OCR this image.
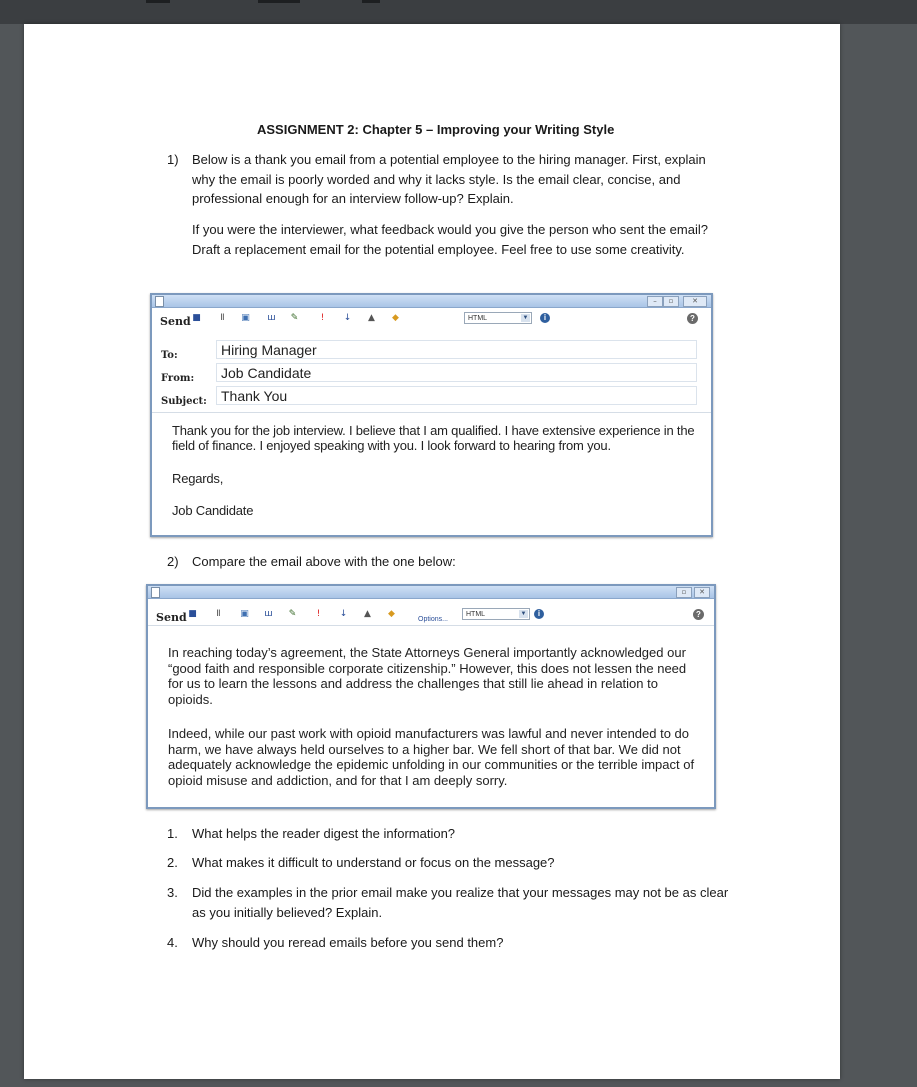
ASSIGNMENT 2: Chapter 5 – Improving your Writing Style
1) Below is a thank you email from a potential employee to the hiring manager. First, explain why the email is poorly worded and why it lacks style. Is the email clear, concise, and professional enough for an interview follow-up? Explain.
If you were the interviewer, what feedback would you give the person who sent the email? Draft a replacement email for the potential employee. Feel free to use some creativity.
–	▫	✕
Send ■ Ⅱ ▣ ш ✎ !	↓ ▲ ◆	HTML	▼	i	?
To:	Hiring Manager
From:	Job Candidate
Subject:	Thank You
Thank you for the job interview. I believe that I am qualified. I have extensive experience in the field of finance. I enjoyed speaking with you. I look forward to hearing from you.
Regards,
Job Candidate
2) Compare the email above with the one below:
▫	✕
Send ■ Ⅱ ▣ ш ✎ !	↓ ▲ ◆
Options...
HTML	▼	i	?
In reaching today’s agreement, the State Attorneys General importantly acknowledged our “good faith and responsible corporate citizenship.” However, this does not lessen the need for us to learn the lessons and address the challenges that still lie ahead in relation to opioids.
Indeed, while our past work with opioid manufacturers was lawful and never intended to do harm, we have always held ourselves to a higher bar. We fell short of that bar. We did not adequately acknowledge the epidemic unfolding in our communities or the terrible impact of opioid misuse and addiction, and for that I am deeply sorry.
1. What helps the reader digest the information?
2. What makes it difficult to understand or focus on the message?
3. Did the examples in the prior email make you realize that your messages may not be as clear as you initially believed? Explain.
4. Why should you reread emails before you send them?
